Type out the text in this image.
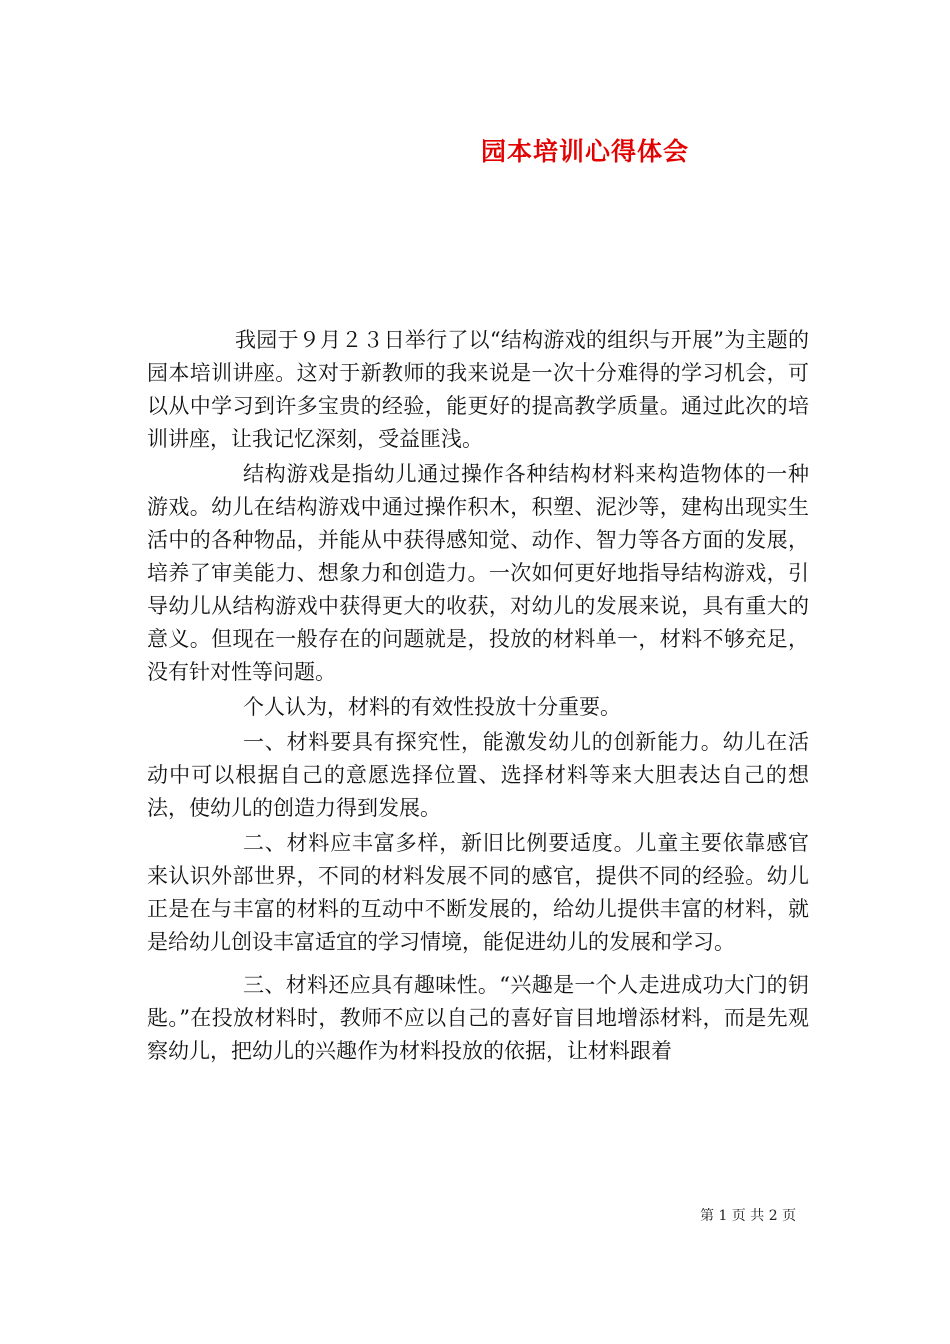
园本培训心得体会

我园于９月２３日举行了以“结构游戏的组织与开展”为主题的园本培训讲座。这对于新教师的我来说是一次十分难得的学习机会，可以从中学习到许多宝贵的经验，能更好的提高教学质量。通过此次的培训讲座，让我记忆深刻，受益匪浅。

结构游戏是指幼儿通过操作各种结构材料来构造物体的一种游戏。幼儿在结构游戏中通过操作积木，积塑、泥沙等，建构出现实生活中的各种物品，并能从中获得感知觉、动作、智力等各方面的发展，培养了审美能力、想象力和创造力。一次如何更好地指导结构游戏，引导幼儿从结构游戏中获得更大的收获，对幼儿的发展来说，具有重大的意义。但现在一般存在的问题就是，投放的材料单一，材料不够充足，没有针对性等问题。

个人认为，材料的有效性投放十分重要。

一、材料要具有探究性，能激发幼儿的创新能力。幼儿在活动中可以根据自己的意愿选择位置、选择材料等来大胆表达自己的想法，使幼儿的创造力得到发展。

二、材料应丰富多样，新旧比例要适度。儿童主要依靠感官来认识外部世界，不同的材料发展不同的感官，提供不同的经验。幼儿正是在与丰富的材料的互动中不断发展的，给幼儿提供丰富的材料，就是给幼儿创设丰富适宜的学习情境，能促进幼儿的发展和学习。

三、材料还应具有趣味性。“兴趣是一个人走进成功大门的钥匙。”在投放材料时，教师不应以自己的喜好盲目地增添材料，而是先观察幼儿，把幼儿的兴趣作为材料投放的依据，让材料跟着

第 1 页 共 2 页
